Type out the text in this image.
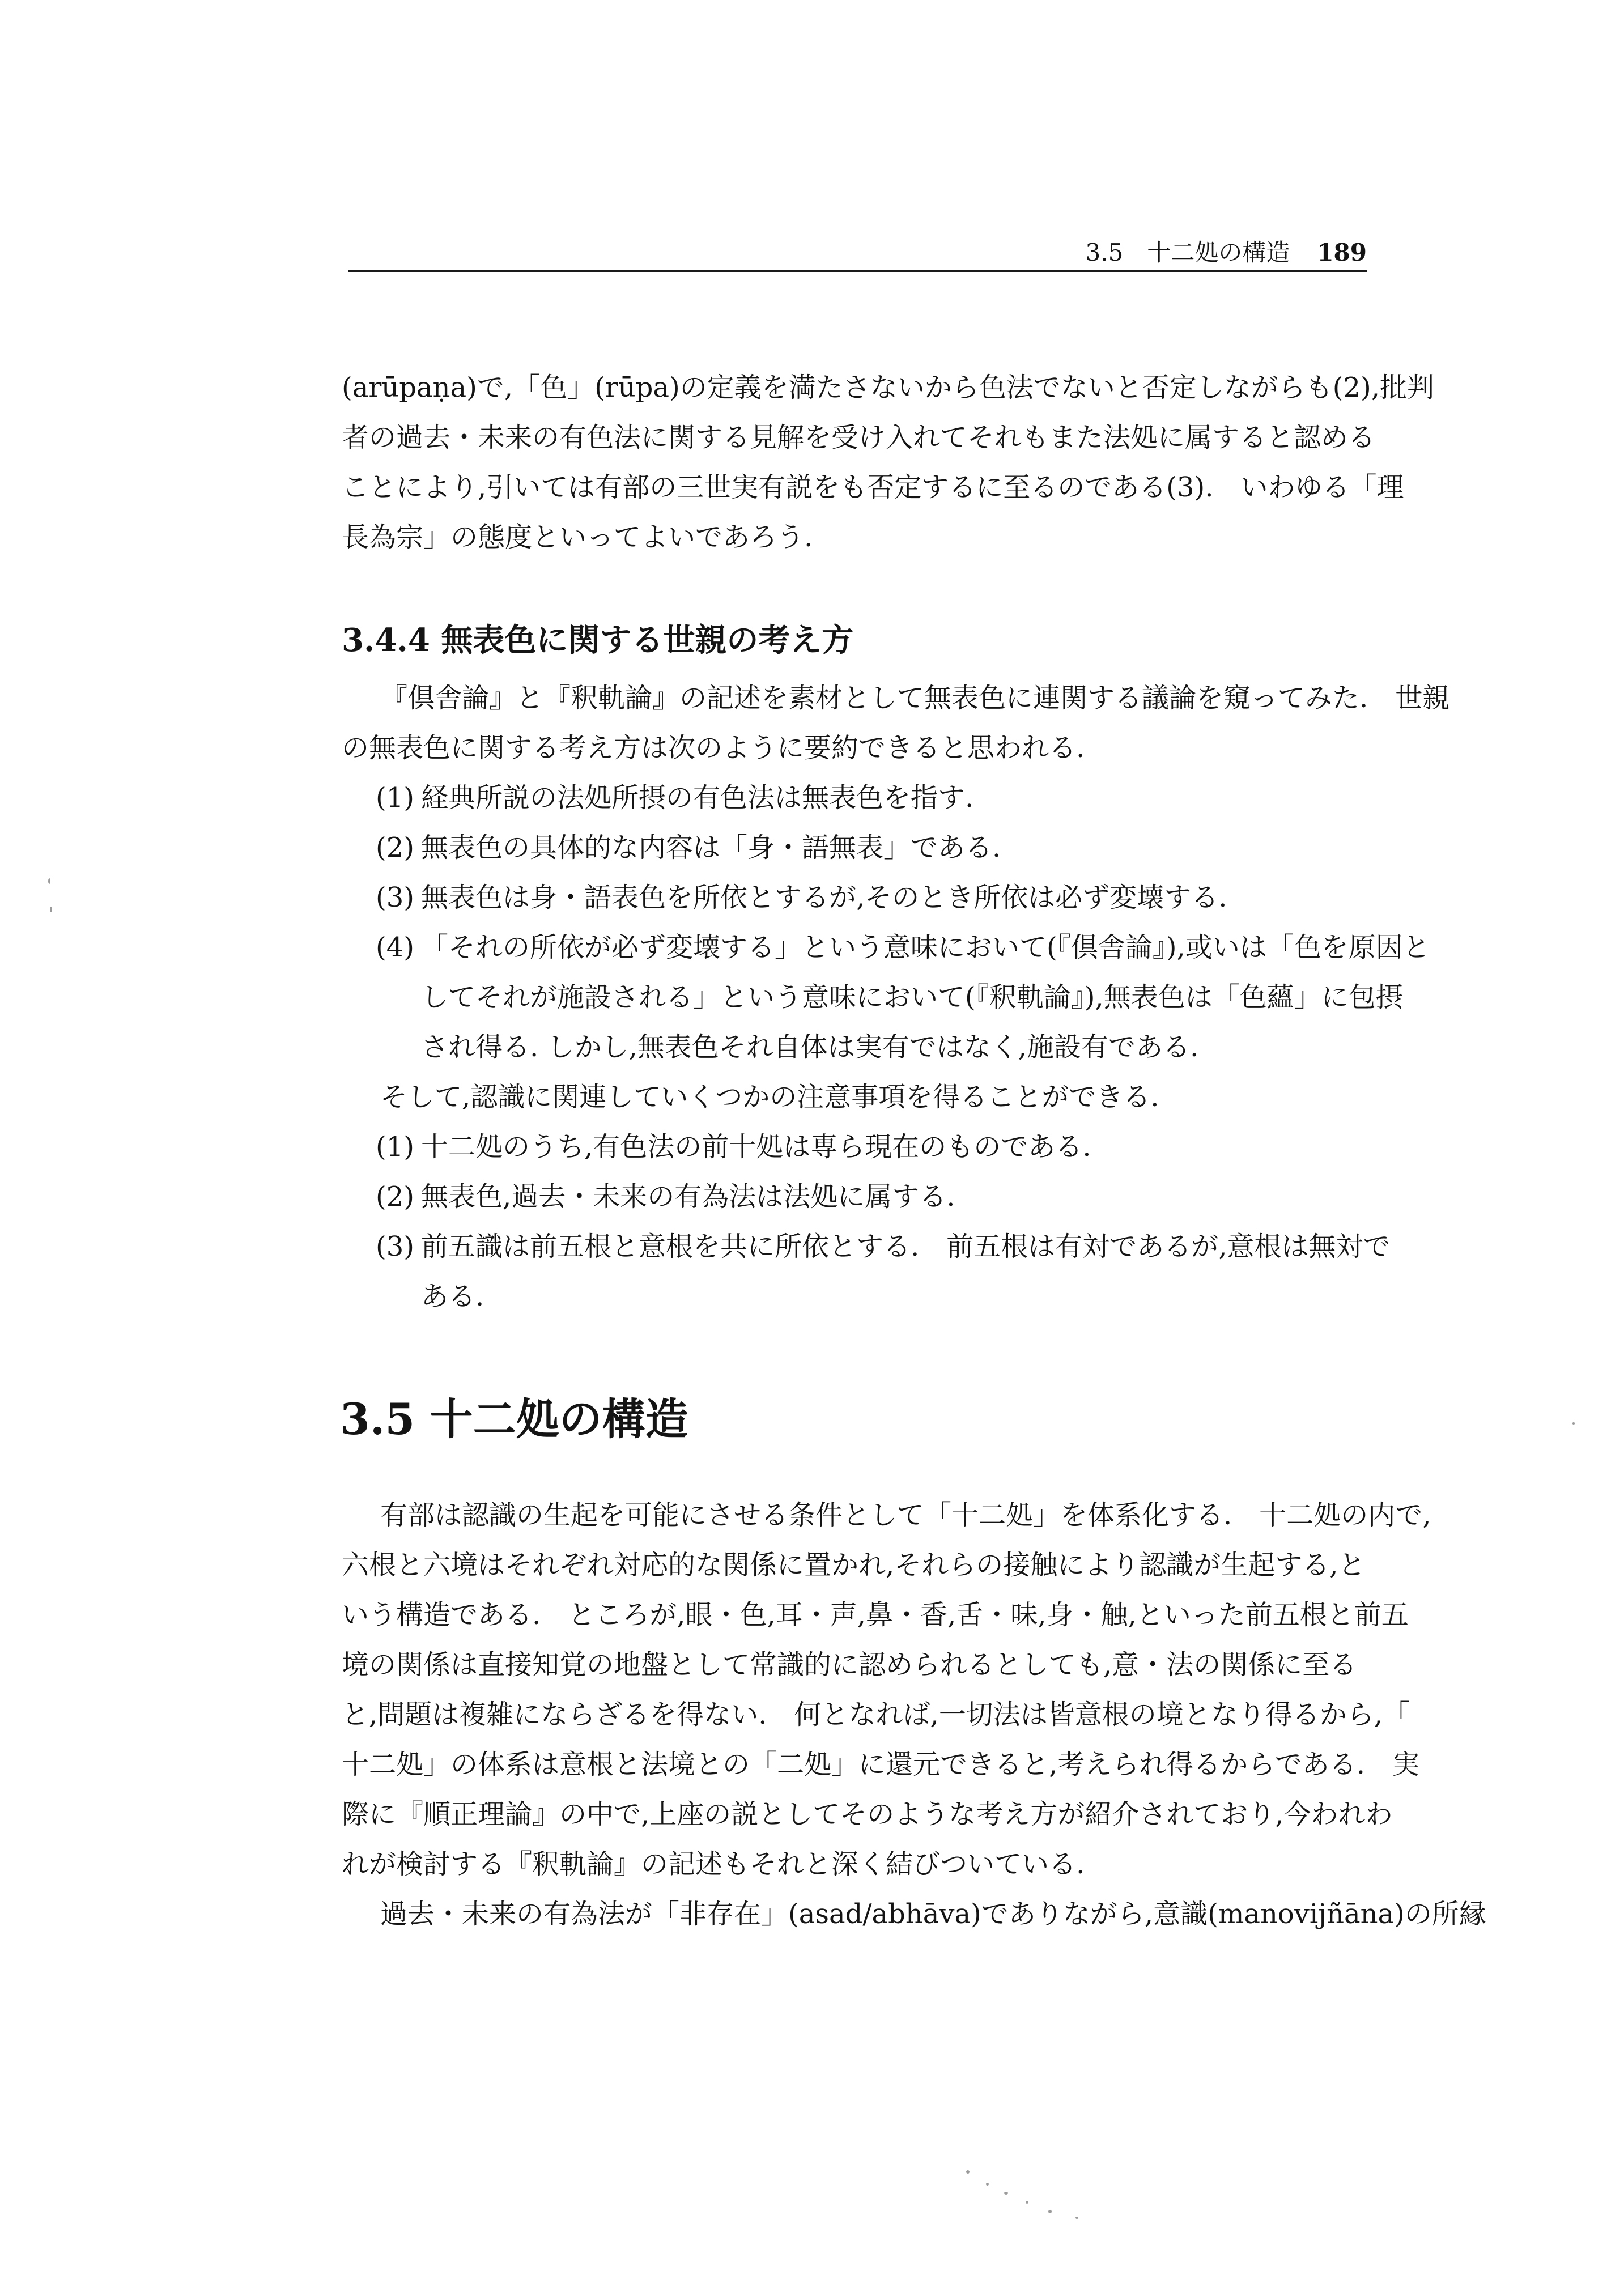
3.5　十二処の構造 189
(arūpaṇa)で,「色」(rūpa)の定義を満たさないから色法でないと否定しながらも(2),批判
者の過去・未来の有色法に関する見解を受け入れてそれもまた法処に属すると認める
ことにより,引いては有部の三世実有説をも否定するに至るのである(3).　いわゆる「理
長為宗」の態度といってよいであろう.
3.4.4 無表色に関する世親の考え方
『倶舎論』と『釈軌論』の記述を素材として無表色に連関する議論を窺ってみた.　世親
の無表色に関する考え方は次のように要約できると思われる.
(1) 経典所説の法処所摂の有色法は無表色を指す.
(2) 無表色の具体的な内容は「身・語無表」である.
(3) 無表色は身・語表色を所依とするが,そのとき所依は必ず変壊する.
(4) 「それの所依が必ず変壊する」という意味において(『倶舎論』),或いは「色を原因と
してそれが施設される」という意味において(『釈軌論』),無表色は「色蘊」に包摂
され得る. しかし,無表色それ自体は実有ではなく,施設有である.
そして,認識に関連していくつかの注意事項を得ることができる.
(1) 十二処のうち,有色法の前十処は専ら現在のものである.
(2) 無表色,過去・未来の有為法は法処に属する.
(3) 前五識は前五根と意根を共に所依とする.　前五根は有対であるが,意根は無対で
ある.
3.5 十二処の構造
有部は認識の生起を可能にさせる条件として「十二処」を体系化する.　十二処の内で,
六根と六境はそれぞれ対応的な関係に置かれ,それらの接触により認識が生起する,と
いう構造である.　ところが,眼・色,耳・声,鼻・香,舌・味,身・触,といった前五根と前五
境の関係は直接知覚の地盤として常識的に認められるとしても,意・法の関係に至る
と,問題は複雑にならざるを得ない.　何となれば,一切法は皆意根の境となり得るから,「
十二処」の体系は意根と法境との「二処」に還元できると,考えられ得るからである.　実
際に『順正理論』の中で,上座の説としてそのような考え方が紹介されており,今われわ
れが検討する『釈軌論』の記述もそれと深く結びついている.
過去・未来の有為法が「非存在」(asad/abhāva)でありながら,意識(manovijñāna)の所縁
